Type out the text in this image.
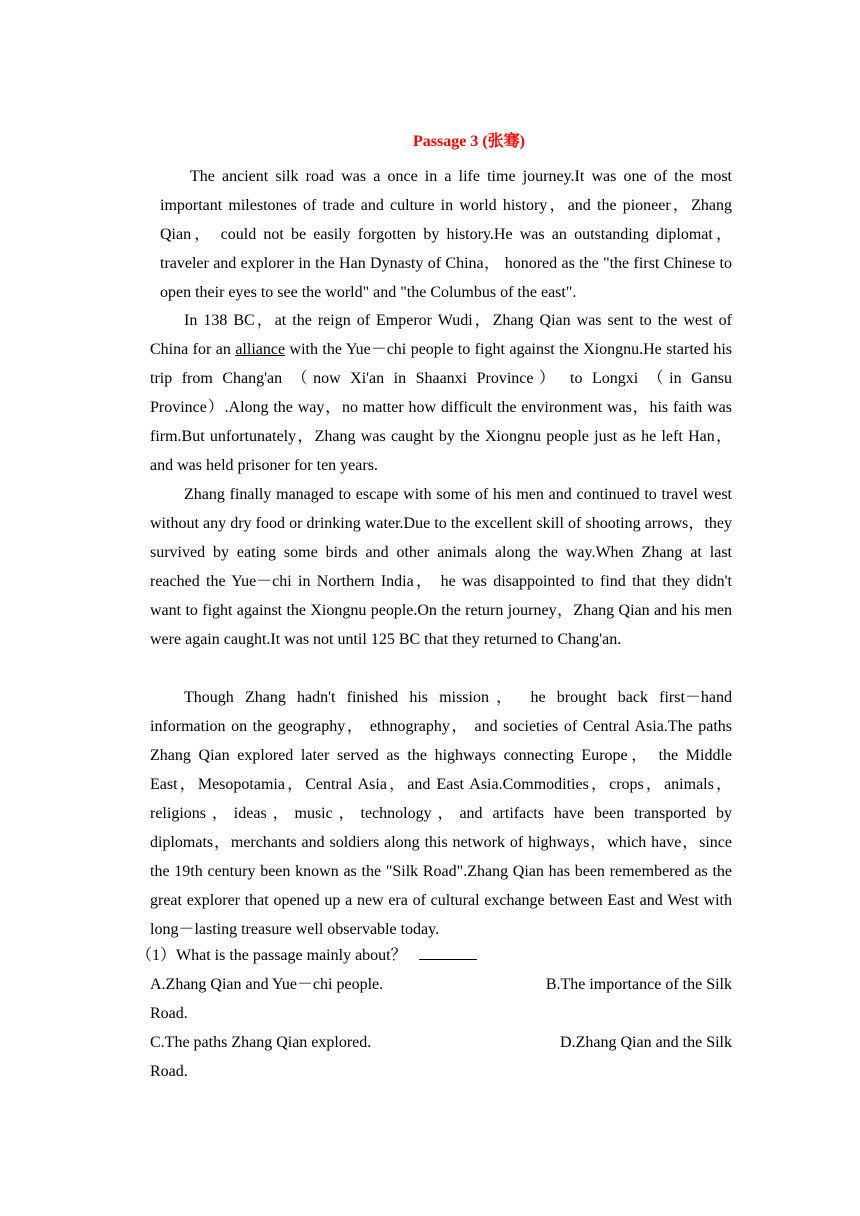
Passage 3 (张骞)

The ancient silk road was a once in a life time journey.It was one of the most important milestones of trade and culture in world history，and the pioneer，Zhang Qian， could not be easily forgotten by history.He was an outstanding diplomat， traveler and explorer in the Han Dynasty of China， honored as the "the first Chinese to open their eyes to see the world" and "the Columbus of the east".

In 138 BC，at the reign of Emperor Wudi，Zhang Qian was sent to the west of China for an alliance with the Yue－chi people to fight against the Xiongnu.He started his trip from Chang'an （now Xi'an in Shaanxi Province） to Longxi （in Gansu Province）.Along the way，no matter how difficult the environment was，his faith was firm.But unfortunately，Zhang was caught by the Xiongnu people just as he left Han，and was held prisoner for ten years.

Zhang finally managed to escape with some of his men and continued to travel west without any dry food or drinking water.Due to the excellent skill of shooting arrows，they survived by eating some birds and other animals along the way.When Zhang at last reached the Yue－chi in Northern India， he was disappointed to find that they didn't want to fight against the Xiongnu people.On the return journey，Zhang Qian and his men were again caught.It was not until 125 BC that they returned to Chang'an.

Though Zhang hadn't finished his mission， he brought back first－hand information on the geography， ethnography， and societies of Central Asia.The paths Zhang Qian explored later served as the highways connecting Europe， the Middle East，Mesopotamia，Central Asia，and East Asia.Commodities，crops，animals，religions，ideas，music，technology，and artifacts have been transported by diplomats，merchants and soldiers along this network of highways，which have，since the 19th century been known as the "Silk Road".Zhang Qian has been remembered as the great explorer that opened up a new era of cultural exchange between East and West with long－lasting treasure well observable today.

（1）What is the passage mainly about？
A.Zhang Qian and Yue－chi people.	B.The importance of the Silk
Road.
C.The paths Zhang Qian explored.	D.Zhang Qian and the Silk
Road.
